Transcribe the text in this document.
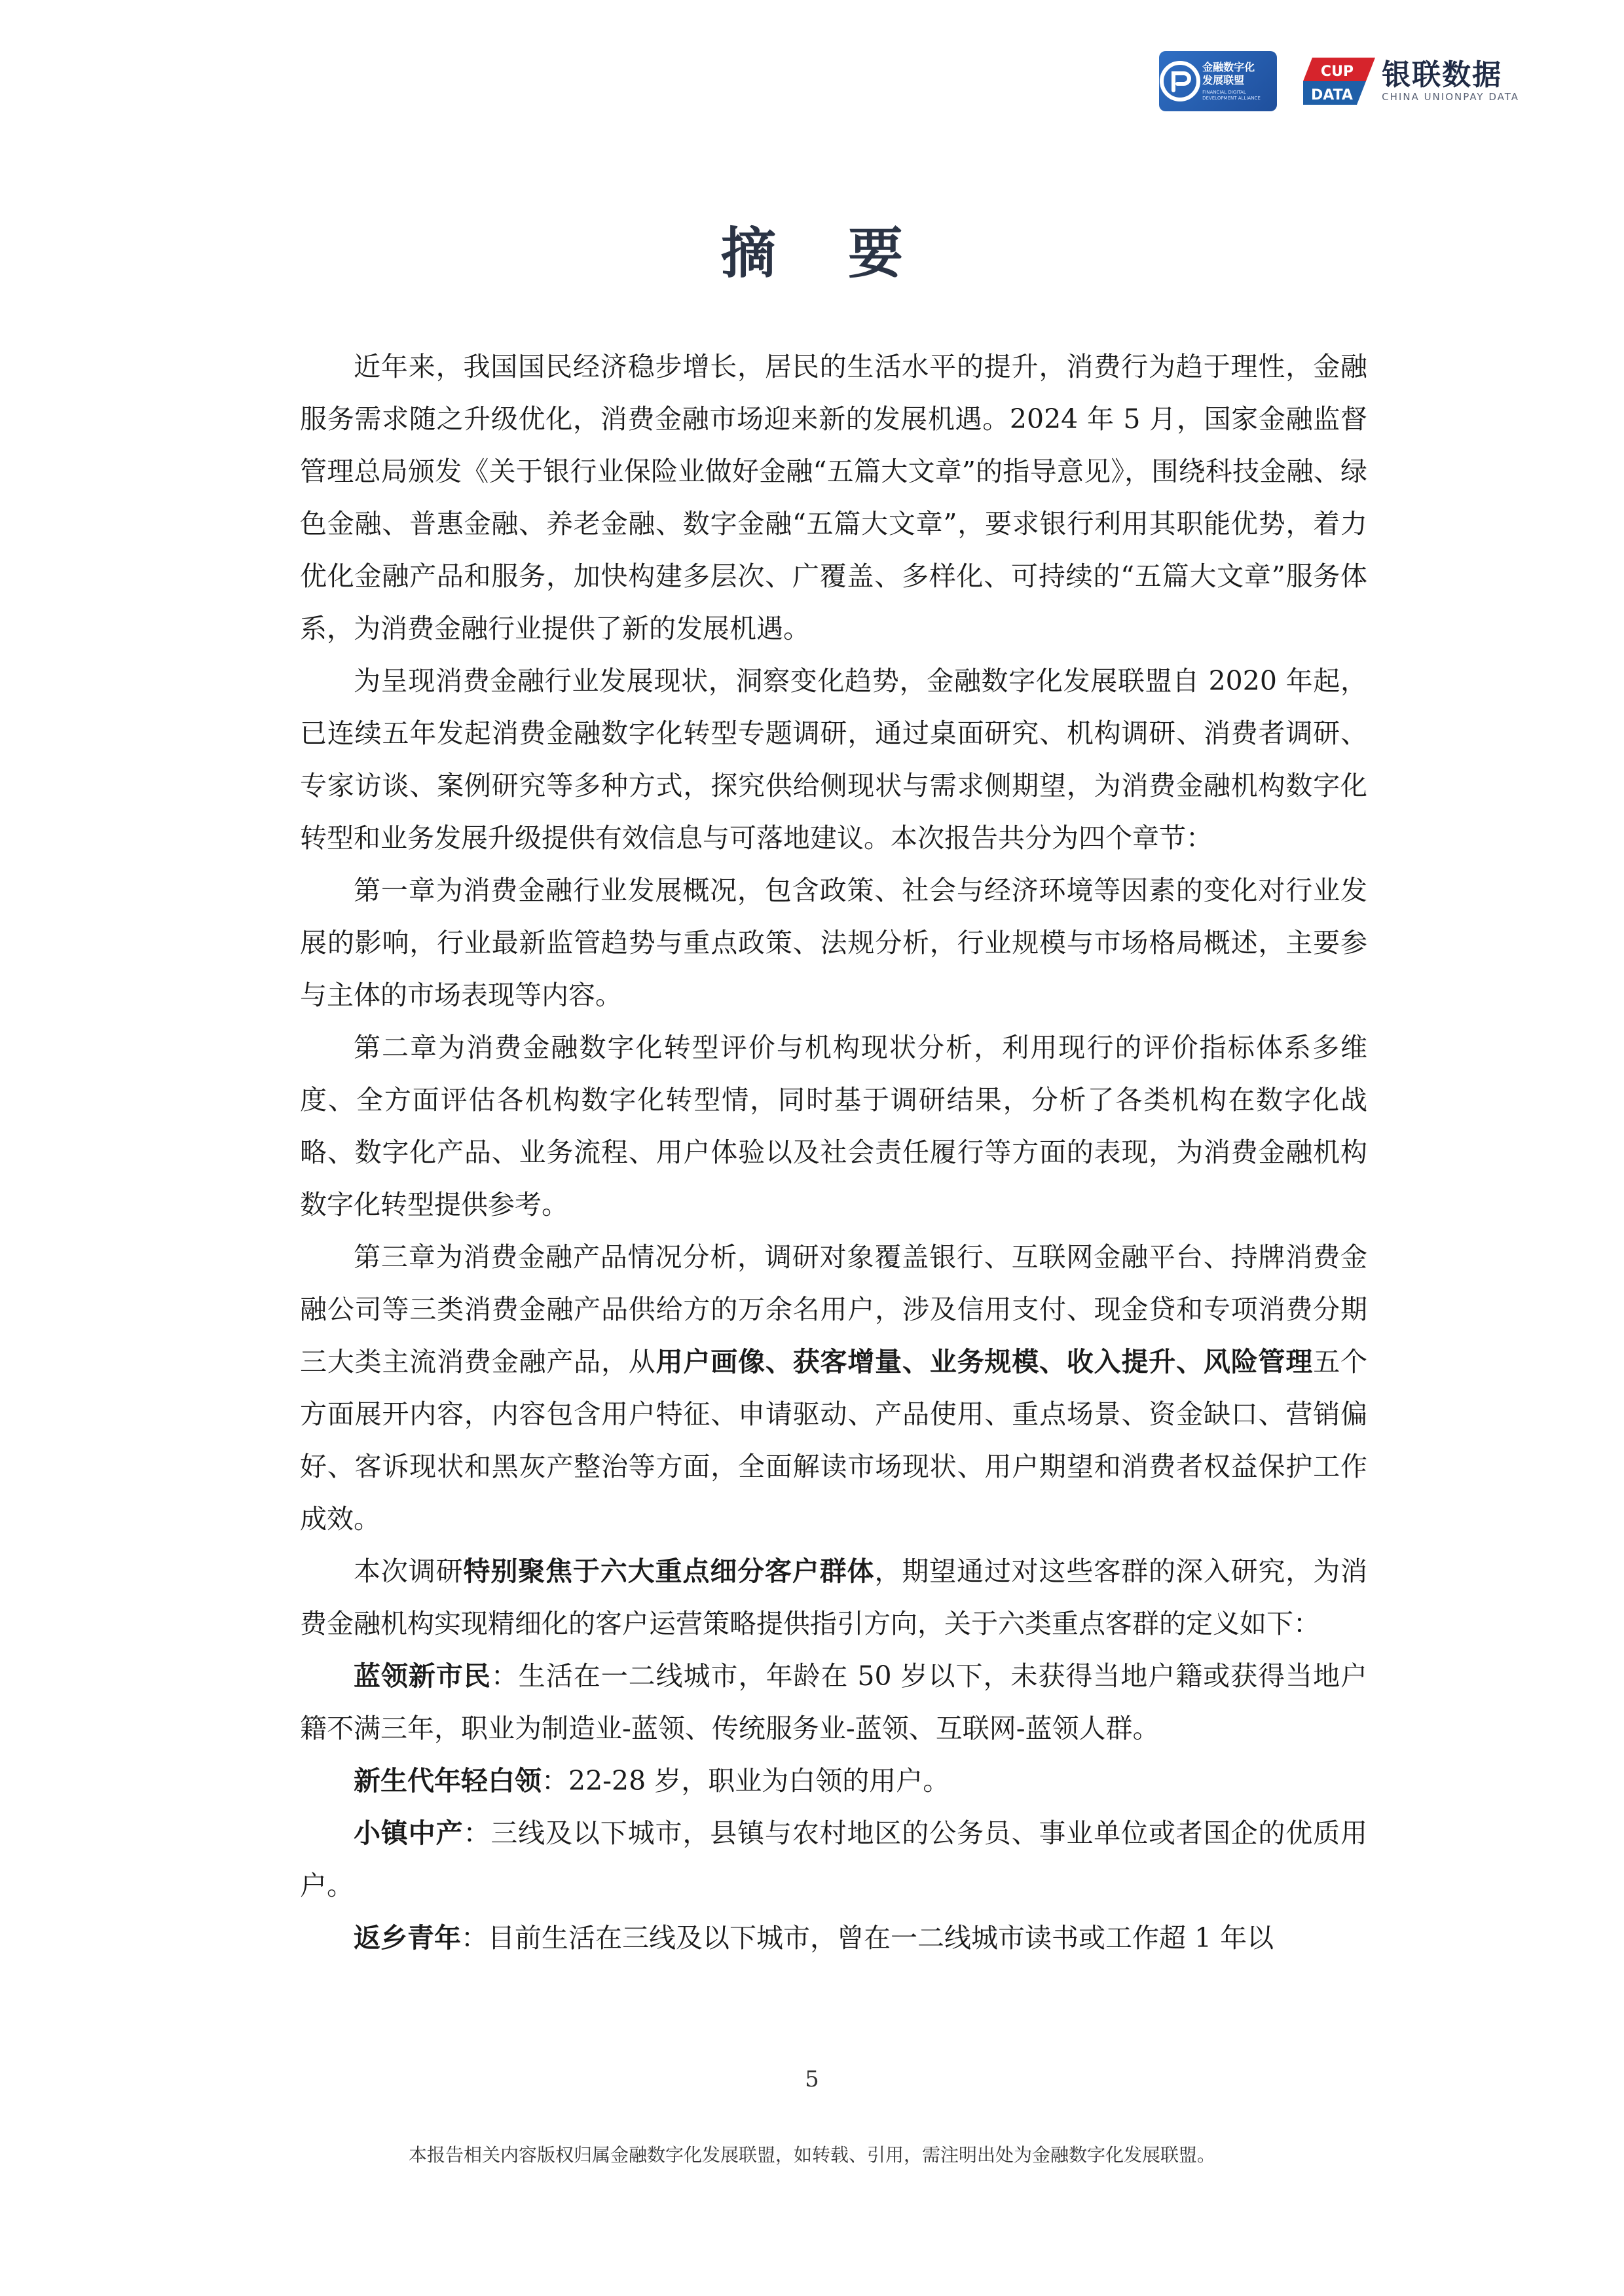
金融数字化
发展联盟
FINANCIAL DIGITAL DEVELOPMENT ALLIANCE
CUP
DATA
银联数据
CHINA UNIONPAY DATA
摘要

近年来，我国国民经济稳步增长，居民的生活水平的提升，消费行为趋于理性，金融服务需求随之升级优化，消费金融市场迎来新的发展机遇。2024 年 5 月，国家金融监督管理总局颁发《关于银行业保险业做好金融“五篇大文章”的指导意见》，围绕科技金融、绿色金融、普惠金融、养老金融、数字金融“五篇大文章”，要求银行利用其职能优势，着力优化金融产品和服务，加快构建多层次、广覆盖、多样化、可持续的“五篇大文章”服务体系，为消费金融行业提供了新的发展机遇。

为呈现消费金融行业发展现状，洞察变化趋势，金融数字化发展联盟自 2020 年起，已连续五年发起消费金融数字化转型专题调研，通过桌面研究、机构调研、消费者调研、专家访谈、案例研究等多种方式，探究供给侧现状与需求侧期望，为消费金融机构数字化转型和业务发展升级提供有效信息与可落地建议。本次报告共分为四个章节：

第一章为消费金融行业发展概况，包含政策、社会与经济环境等因素的变化对行业发展的影响，行业最新监管趋势与重点政策、法规分析，行业规模与市场格局概述，主要参与主体的市场表现等内容。

第二章为消费金融数字化转型评价与机构现状分析，利用现行的评价指标体系多维度、全方面评估各机构数字化转型情，同时基于调研结果，分析了各类机构在数字化战略、数字化产品、业务流程、用户体验以及社会责任履行等方面的表现，为消费金融机构数字化转型提供参考。

第三章为消费金融产品情况分析，调研对象覆盖银行、互联网金融平台、持牌消费金融公司等三类消费金融产品供给方的万余名用户，涉及信用支付、现金贷和专项消费分期三大类主流消费金融产品，从用户画像、获客增量、业务规模、收入提升、风险管理五个方面展开内容，内容包含用户特征、申请驱动、产品使用、重点场景、资金缺口、营销偏好、客诉现状和黑灰产整治等方面，全面解读市场现状、用户期望和消费者权益保护工作成效。

本次调研特别聚焦于六大重点细分客户群体，期望通过对这些客群的深入研究，为消费金融机构实现精细化的客户运营策略提供指引方向，关于六类重点客群的定义如下：

蓝领新市民：生活在一二线城市，年龄在 50 岁以下，未获得当地户籍或获得当地户籍不满三年，职业为制造业-蓝领、传统服务业-蓝领、互联网-蓝领人群。

新生代年轻白领：22-28 岁，职业为白领的用户。

小镇中产：三线及以下城市，县镇与农村地区的公务员、事业单位或者国企的优质用户。

返乡青年：目前生活在三线及以下城市，曾在一二线城市读书或工作超 1 年以

5
本报告相关内容版权归属金融数字化发展联盟，如转载、引用，需注明出处为金融数字化发展联盟。
